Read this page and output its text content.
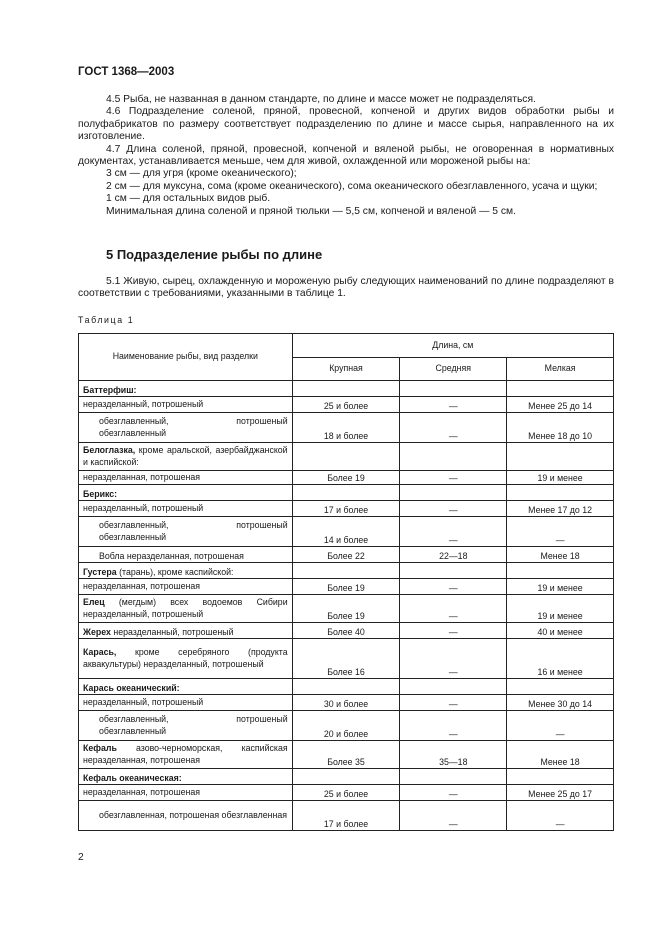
ГОСТ 1368—2003

4.5 Рыба, не названная в данном стандарте, по длине и массе может не подразделяться.

4.6 Подразделение соленой, пряной, провесной, копченой и других видов обработки рыбы и полуфабрикатов по размеру соответствует подразделению по длине и массе сырья, направленного на их изготовление.

4.7 Длина соленой, пряной, провесной, копченой и вяленой рыбы, не оговоренная в нормативных документах, устанавливается меньше, чем для живой, охлажденной или мороженой рыбы на:

3 см — для угря (кроме океанического);

2 см — для муксуна, сома (кроме океанического), сома океанического обезглавленного, усача и щуки;

1 см — для остальных видов рыб.

Минимальная длина соленой и пряной тюльки — 5,5 см, копченой и вяленой — 5 см.

5 Подразделение рыбы по длине

5.1 Живую, сырец, охлажденную и мороженую рыбу следующих наименований по длине подразделяют в соответствии с требованиями, указанными в таблице 1.

Таблица 1
Наименование рыбы, вид разделки	Длина, см		
	Крупная	Средняя	Мелкая
Баттерфиш:			
неразделанный, потрошеный	25 и более	—	Менее 25 до 14
обезглавленный, потрошеный обезглавленный	18 и более	—	Менее 18 до 10
Белоглазка, кроме аральской, азербайджанской и каспийской:			
неразделанная, потрошеная	Более 19	—	19 и менее
Берикс:			
неразделанный, потрошеный	17 и более	—	Менее 17 до 12
обезглавленный, потрошеный обезглавленный	14 и более	—	—
Вобла неразделанная, потрошеная	Более 22	22—18	Менее 18
Густера (тарань), кроме каспийской:			
неразделанная, потрошеная	Более 19	—	19 и менее
Елец (мегдым) всех водоемов Сибири неразделанный, потрошеный	Более 19	—	19 и менее
Жерех неразделанный, потрошеный	Более 40	—	40 и менее
Карась, кроме серебряного (продукта аквакультуры) неразделанный, потрошеный	Более 16	—	16 и менее
Карась океанический:			
неразделанный, потрошеный	30 и более	—	Менее 30 до 14
обезглавленный, потрошеный обезглавленный	20 и более	—	—
Кефаль азово-черноморская, каспийская неразделанная, потрошеная	Более 35	35—18	Менее 18
Кефаль океаническая:			
неразделанная, потрошеная	25 и более	—	Менее 25 до 17
обезглавленная, потрошеная обезглавленная	17 и более	—	—
2
